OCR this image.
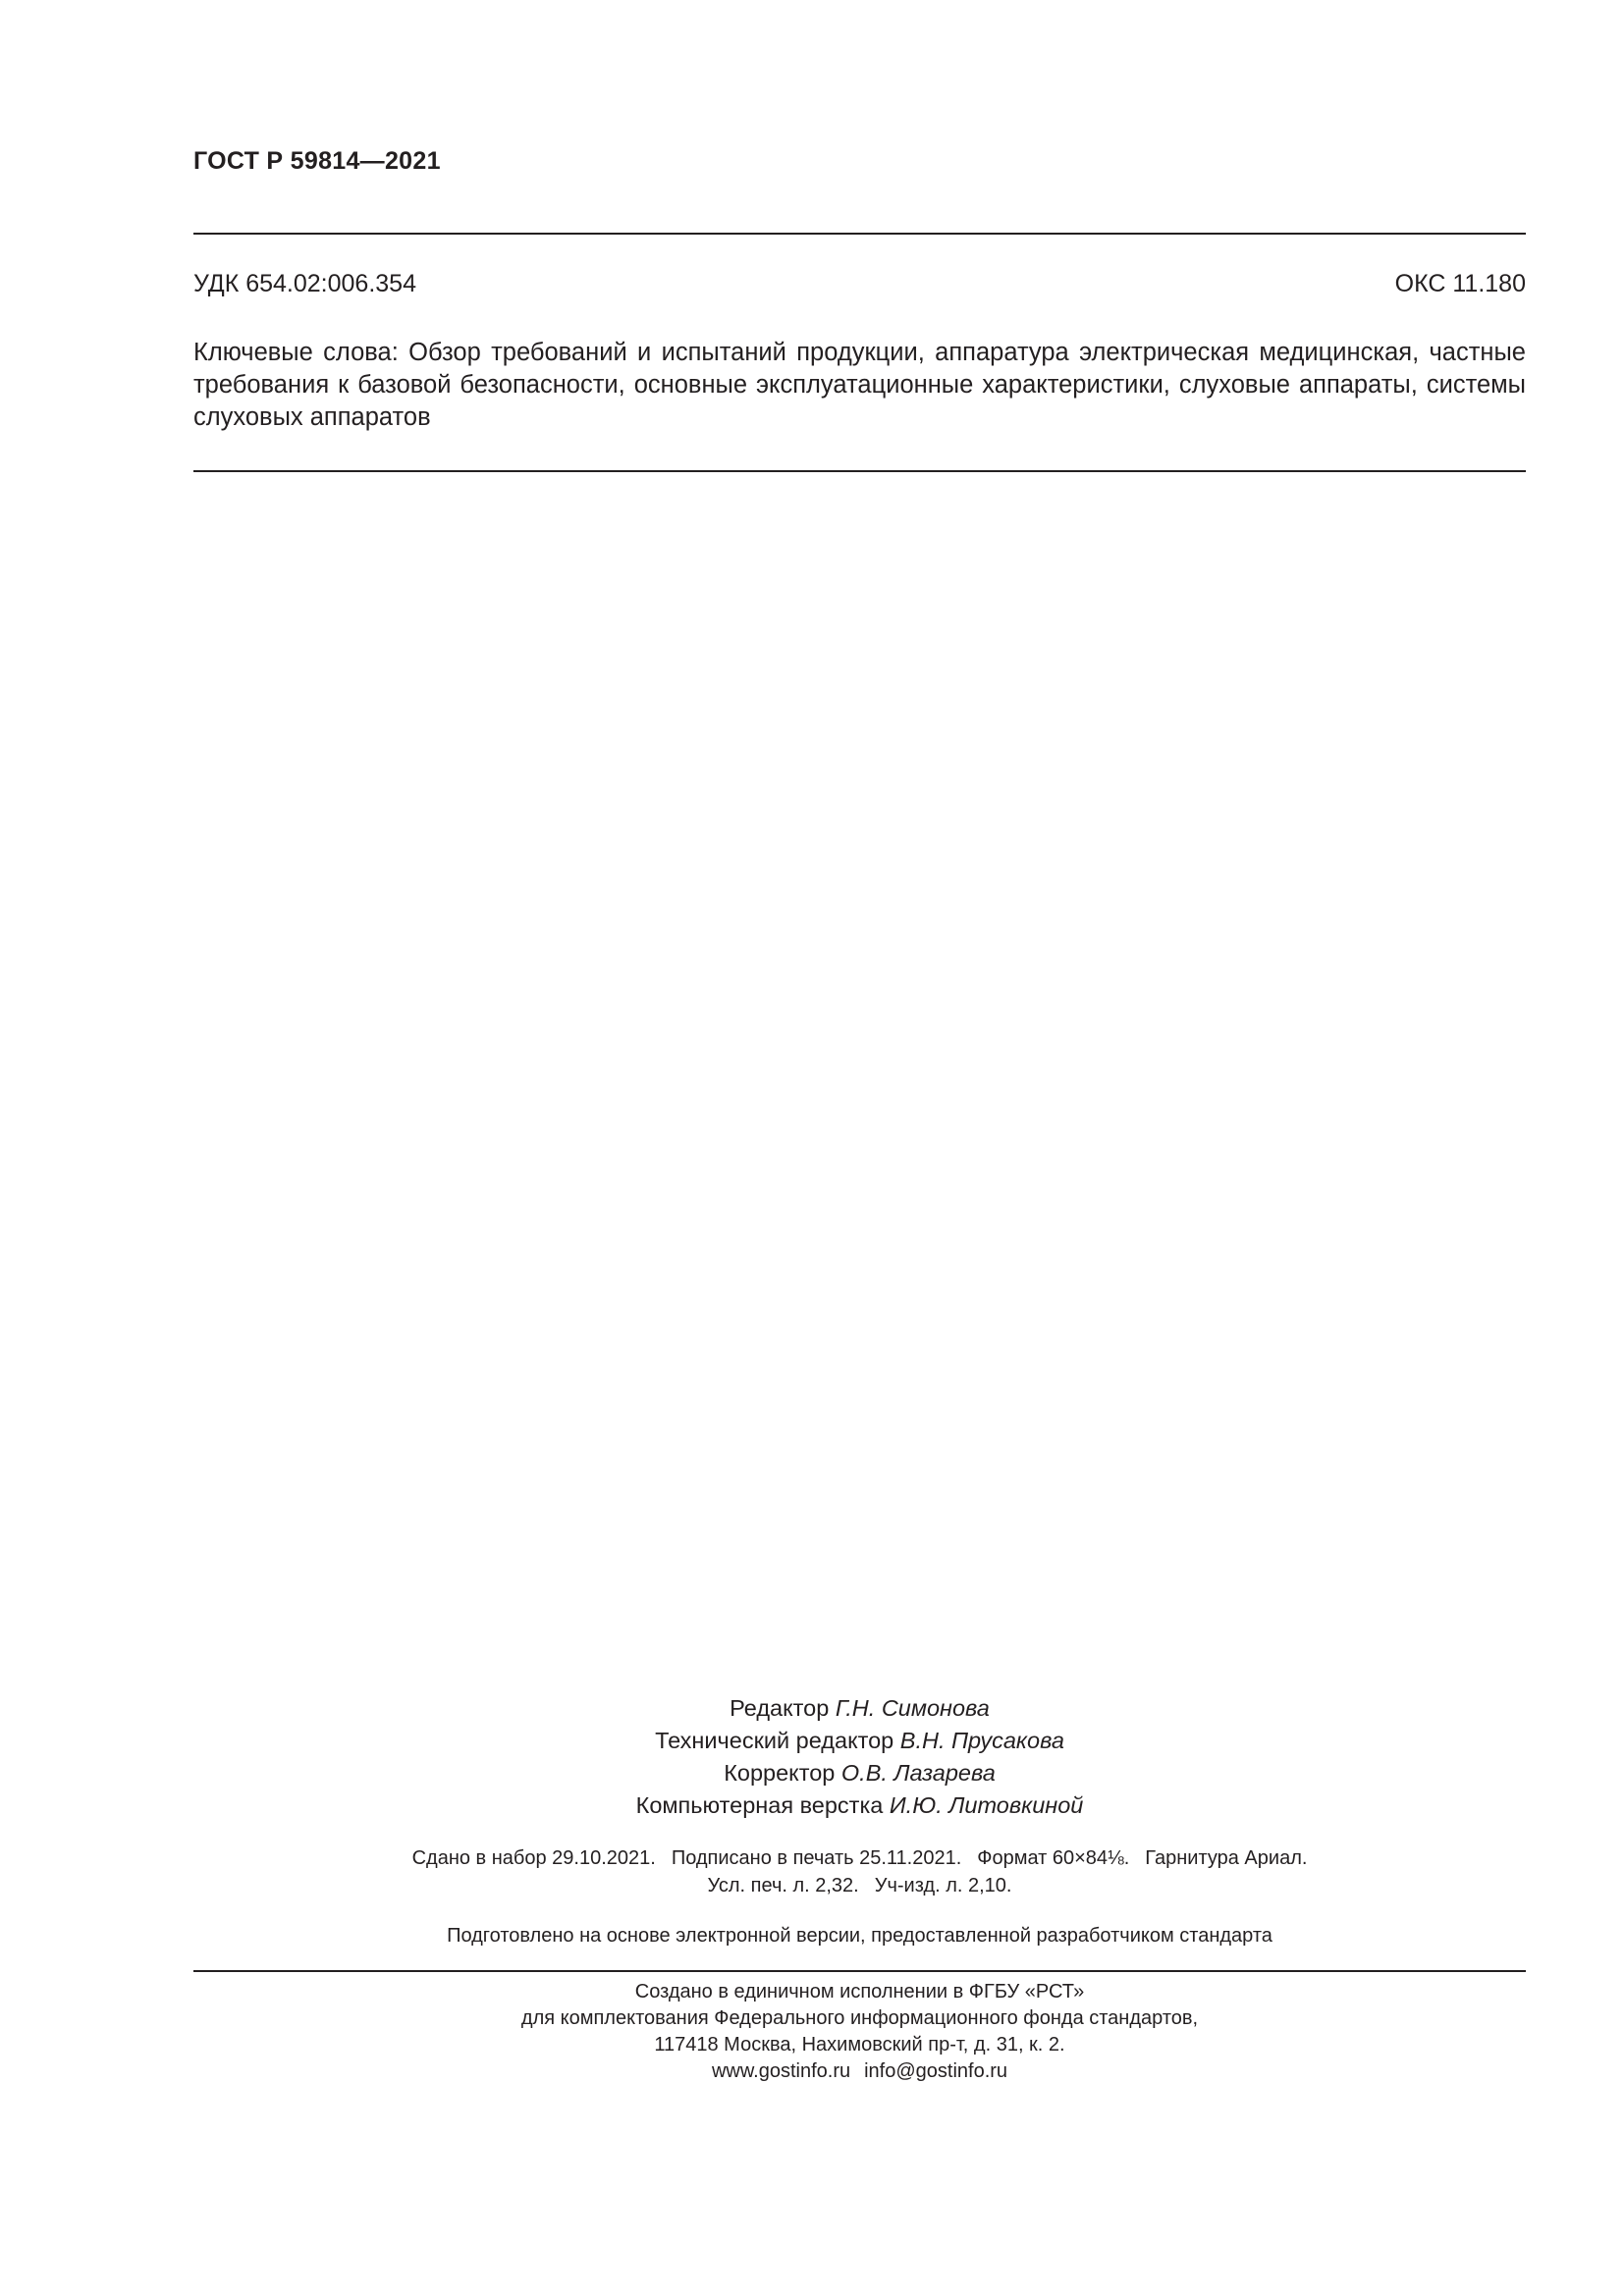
ГОСТ Р 59814—2021
УДК 654.02:006.354	ОКС 11.180
Ключевые слова: Обзор требований и испытаний продукции, аппаратура электрическая медицинская, частные требования к базовой безопасности, основные эксплуатационные характеристики, слуховые аппараты, системы слуховых аппаратов
Редактор Г.Н. Симонова
Технический редактор В.Н. Прусакова
Корректор О.В. Лазарева
Компьютерная верстка И.Ю. Литовкиной
Сдано в набор 29.10.2021. Подписано в печать 25.11.2021. Формат 60×84⅛. Гарнитура Ариал.
Усл. печ. л. 2,32. Уч-изд. л. 2,10.
Подготовлено на основе электронной версии, предоставленной разработчиком стандарта
Создано в единичном исполнении в ФГБУ «РСТ»
для комплектования Федерального информационного фонда стандартов,
117418 Москва, Нахимовский пр-т, д. 31, к. 2.
www.gostinfo.ru info@gostinfo.ru
